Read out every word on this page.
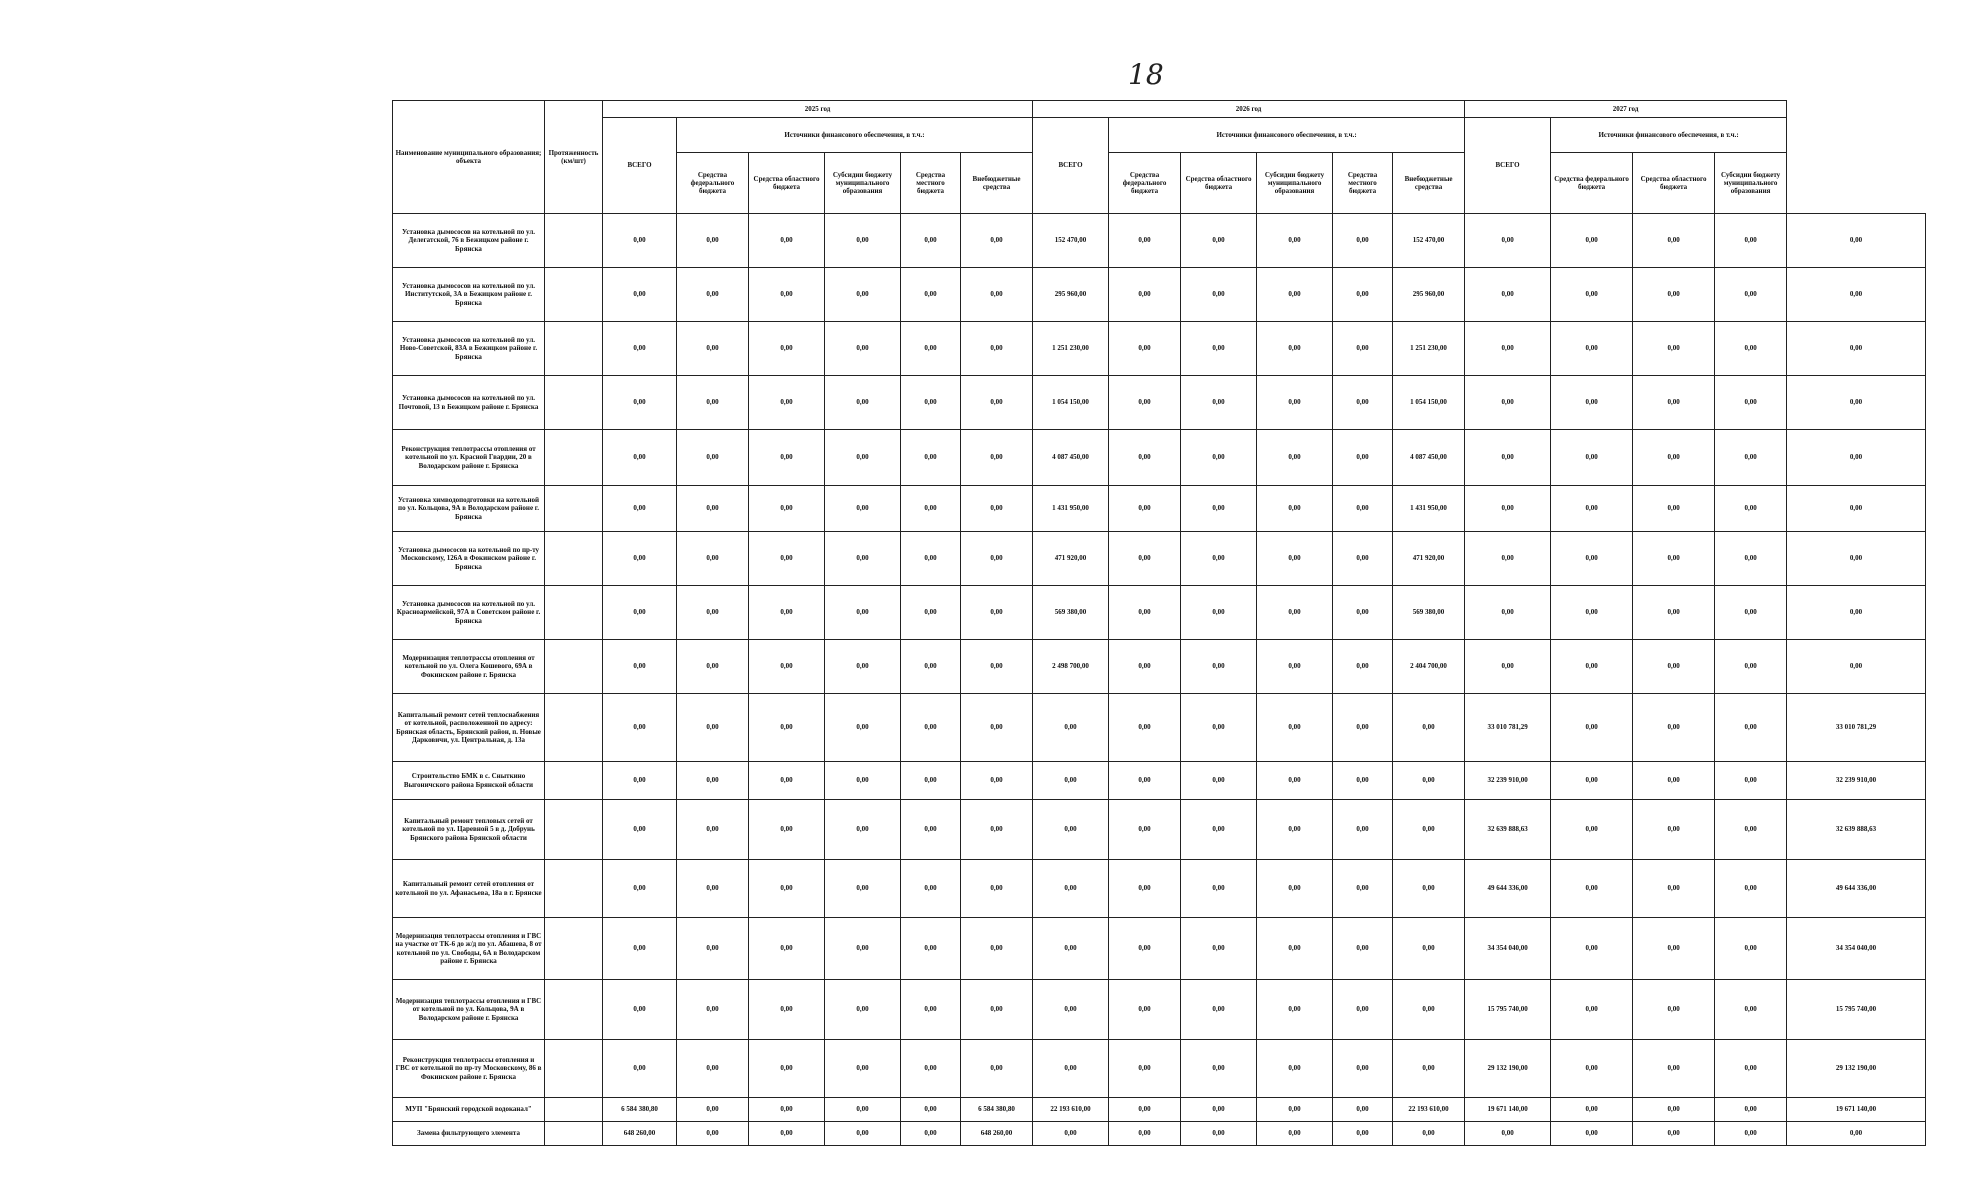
18
Наименование муниципального образования; объекта	Протяженность (км/шт)	2025 год						2026 год						2027 год				
		ВСЕГО	Источники финансового обеспечения, в т.ч.:					ВСЕГО	Источники финансового обеспечения, в т.ч.:					ВСЕГО	Источники финансового обеспечения, в т.ч.:			
			Средства федерального бюджета	Средства областного бюджета	Субсидии бюджету муниципального образования	Средства местного бюджета	Внебюджетные средства		Средства федерального бюджета	Средства областного бюджета	Субсидии бюджету муниципального образования	Средства местного бюджета	Внебюджетные средства		Средства федерального бюджета	Средства областного бюджета	Субсидии бюджету муниципального образования	
Установка дымососов на котельной по ул. Делегатской, 76 в Бежицком районе г. Брянска		0,00	0,00	0,00	0,00	0,00	0,00	152 470,00	0,00	0,00	0,00	0,00	152 470,00	0,00	0,00	0,00	0,00	0,00
Установка дымососов на котельной по ул. Институтской, 3А в Бежицком районе г. Брянска		0,00	0,00	0,00	0,00	0,00	0,00	295 960,00	0,00	0,00	0,00	0,00	295 960,00	0,00	0,00	0,00	0,00	0,00
Установка дымососов на котельной по ул. Ново-Советской, 83А в Бежицком районе г. Брянска		0,00	0,00	0,00	0,00	0,00	0,00	1 251 230,00	0,00	0,00	0,00	0,00	1 251 230,00	0,00	0,00	0,00	0,00	0,00
Установка дымососов на котельной по ул. Почтовой, 13 в Бежицком районе г. Брянска		0,00	0,00	0,00	0,00	0,00	0,00	1 054 150,00	0,00	0,00	0,00	0,00	1 054 150,00	0,00	0,00	0,00	0,00	0,00
Реконструкция теплотрассы отопления от котельной по ул. Красной Гвардии, 20 в Володарском районе г. Брянска		0,00	0,00	0,00	0,00	0,00	0,00	4 087 450,00	0,00	0,00	0,00	0,00	4 087 450,00	0,00	0,00	0,00	0,00	0,00
Установка химводоподготовки на котельной по ул. Кольцова, 9А в Володарском районе г. Брянска		0,00	0,00	0,00	0,00	0,00	0,00	1 431 950,00	0,00	0,00	0,00	0,00	1 431 950,00	0,00	0,00	0,00	0,00	0,00
Установка дымососов на котельной по пр-ту Московскому, 126А в Фокинском районе г. Брянска		0,00	0,00	0,00	0,00	0,00	0,00	471 920,00	0,00	0,00	0,00	0,00	471 920,00	0,00	0,00	0,00	0,00	0,00
Установка дымососов на котельной по ул. Красноармейской, 97А в Советском районе г. Брянска		0,00	0,00	0,00	0,00	0,00	0,00	569 380,00	0,00	0,00	0,00	0,00	569 380,00	0,00	0,00	0,00	0,00	0,00
Модернизация теплотрассы отопления от котельной по ул. Олега Кошевого, 69А в Фокинском районе г. Брянска		0,00	0,00	0,00	0,00	0,00	0,00	2 498 700,00	0,00	0,00	0,00	0,00	2 404 700,00	0,00	0,00	0,00	0,00	0,00
Капитальный ремонт сетей теплоснабжения от котельной, расположенной по адресу: Брянская область, Брянский район, п. Новые Дарковичи, ул. Центральная, д. 13а		0,00	0,00	0,00	0,00	0,00	0,00	0,00	0,00	0,00	0,00	0,00	0,00	33 010 781,29	0,00	0,00	0,00	33 010 781,29
Строительство БМК в с. Сныткино Выгоничского района Брянской области		0,00	0,00	0,00	0,00	0,00	0,00	0,00	0,00	0,00	0,00	0,00	0,00	32 239 910,00	0,00	0,00	0,00	32 239 910,00
Капитальный ремонт тепловых сетей от котельной по ул. Царевной 5 в д. Добрунь Брянского района Брянской области		0,00	0,00	0,00	0,00	0,00	0,00	0,00	0,00	0,00	0,00	0,00	0,00	32 639 888,63	0,00	0,00	0,00	32 639 888,63
Капитальный ремонт сетей отопления от котельной по ул. Афанасьева, 18а в г. Брянске		0,00	0,00	0,00	0,00	0,00	0,00	0,00	0,00	0,00	0,00	0,00	0,00	49 644 336,00	0,00	0,00	0,00	49 644 336,00
Модернизация теплотрассы отопления и ГВС на участке от ТК-6 до ж/д по ул. Абашева, 8 от котельной по ул. Свободы, 6А в Володарском районе г. Брянска		0,00	0,00	0,00	0,00	0,00	0,00	0,00	0,00	0,00	0,00	0,00	0,00	34 354 040,00	0,00	0,00	0,00	34 354 040,00
Модернизация теплотрассы отопления и ГВС от котельной по ул. Кольцова, 9А в Володарском районе г. Брянска		0,00	0,00	0,00	0,00	0,00	0,00	0,00	0,00	0,00	0,00	0,00	0,00	15 795 740,00	0,00	0,00	0,00	15 795 740,00
Реконструкция теплотрассы отопления и ГВС от котельной по пр-ту Московскому, 86 в Фокинском районе г. Брянска		0,00	0,00	0,00	0,00	0,00	0,00	0,00	0,00	0,00	0,00	0,00	0,00	29 132 190,00	0,00	0,00	0,00	29 132 190,00
МУП "Брянский городской водоканал"		6 584 380,80	0,00	0,00	0,00	0,00	6 584 380,80	22 193 610,00	0,00	0,00	0,00	0,00	22 193 610,00	19 671 140,00	0,00	0,00	0,00	19 671 140,00
Замена фильтрующего элемента		648 260,00	0,00	0,00	0,00	0,00	648 260,00	0,00	0,00	0,00	0,00	0,00	0,00	0,00	0,00	0,00	0,00	0,00
